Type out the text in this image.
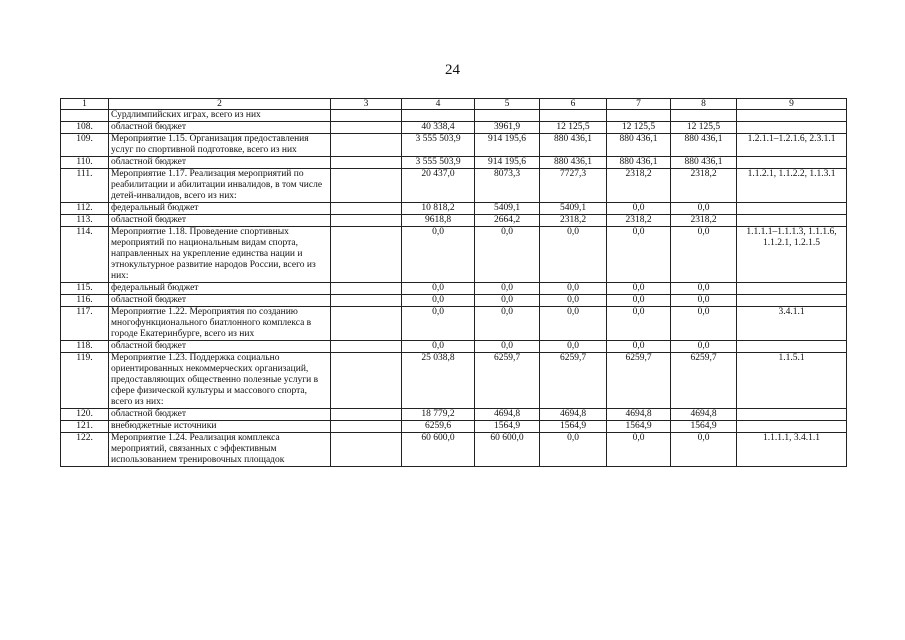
24
1	2	3	4	5	6	7	8	9
	Сурдлимпийских играх, всего из них							
108.	областной бюджет		40 338,4	3961,9	12 125,5	12 125,5	12 125,5	
109.	Мероприятие 1.15. Организация предоставления услуг по спортивной подготовке, всего из них		3 555 503,9	914 195,6	880 436,1	880 436,1	880 436,1	1.2.1.1–1.2.1.6, 2.3.1.1
110.	областной бюджет		3 555 503,9	914 195,6	880 436,1	880 436,1	880 436,1	
111.	Мероприятие 1.17. Реализация мероприятий по реабилитации и абилитации инвалидов, в том числе детей-инвалидов, всего из них:		20 437,0	8073,3	7727,3	2318,2	2318,2	1.1.2.1, 1.1.2.2, 1.1.3.1
112.	федеральный бюджет		10 818,2	5409,1	5409,1	0,0	0,0	
113.	областной бюджет		9618,8	2664,2	2318,2	2318,2	2318,2	
114.	Мероприятие 1.18. Проведение спортивных мероприятий по национальным видам спорта, направленных на укрепление единства нации и этнокультурное развитие народов России, всего из них:		0,0	0,0	0,0	0,0	0,0	1.1.1.1–1.1.1.3, 1.1.1.6, 1.1.2.1, 1.2.1.5
115.	федеральный бюджет		0,0	0,0	0,0	0,0	0,0	
116.	областной бюджет		0,0	0,0	0,0	0,0	0,0	
117.	Мероприятие 1.22. Мероприятия по созданию многофункционального биатлонного комплекса в городе Екатеринбурге, всего из них		0,0	0,0	0,0	0,0	0,0	3.4.1.1
118.	областной бюджет		0,0	0,0	0,0	0,0	0,0	
119.	Мероприятие 1.23. Поддержка социально ориентированных некоммерческих организаций, предоставляющих общественно полезные услуги в сфере физической культуры и массового спорта, всего из них:		25 038,8	6259,7	6259,7	6259,7	6259,7	1.1.5.1
120.	областной бюджет		18 779,2	4694,8	4694,8	4694,8	4694,8	
121.	внебюджетные источники		6259,6	1564,9	1564,9	1564,9	1564,9	
122.	Мероприятие 1.24. Реализация комплекса мероприятий, связанных с эффективным использованием тренировочных площадок		60 600,0	60 600,0	0,0	0,0	0,0	1.1.1.1, 3.4.1.1
